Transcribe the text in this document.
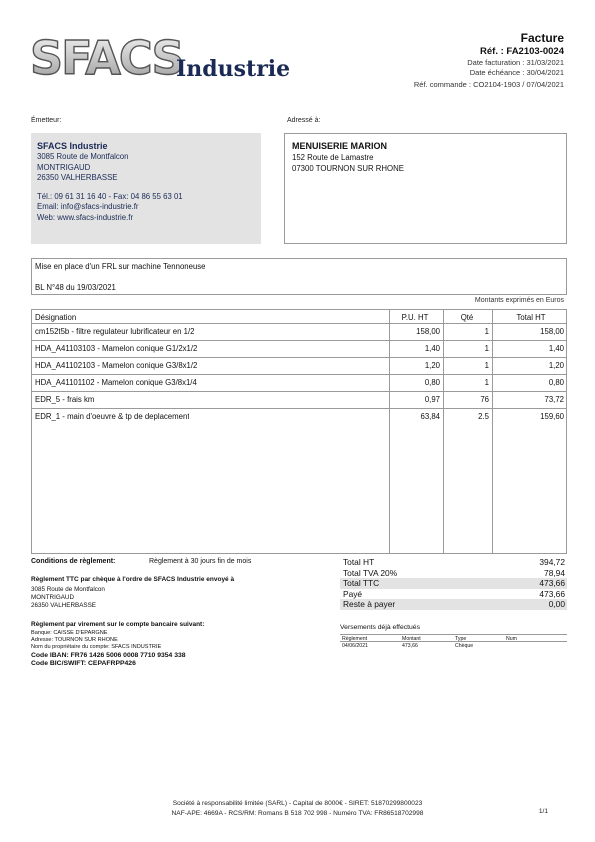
SFACS
Industrie
Facture
Réf. : FA2103-0024
Date facturation : 31/03/2021
Date échéance : 30/04/2021
Réf. commande : CO2104-1903 / 07/04/2021
Émetteur:	Adressé à:
SFACS Industrie
3085 Route de Montfalcon
MONTRIGAUD
26350 VALHERBASSE
Tél.: 09 61 31 16 40 - Fax: 04 86 55 63 01
Email: info@sfacs-industrie.fr
Web: www.sfacs-industrie.fr
MENUISERIE MARION
152 Route de Lamastre
07300 TOURNON SUR RHONE
Mise en place d'un FRL sur machine Tennoneuse
BL N°48 du 19/03/2021
Montants exprimés en Euros
Désignation	P.U. HT	Qté	Total HT
cm152t5b - filtre regulateur lubrificateur en 1/2	158,00	1	158,00
HDA_A41103103 - Mamelon conique G1/2x1/2	1,40	1	1,40
HDA_A41102103 - Mamelon conique G3/8x1/2	1,20	1	1,20
HDA_A41101102 - Mamelon conique G3/8x1/4	0,80	1	0,80
EDR_5 - frais km	0,97	76	73,72
EDR_1 - main d'oeuvre & tp de deplacement	63,84	2.5	159,60
Conditions de règlement:	Règlement à 30 jours fin de mois
Règlement TTC par chèque à l'ordre de SFACS Industrie envoyé à
3085 Route de Montfalcon
MONTRIGAUD
26350 VALHERBASSE
Règlement par virement sur le compte bancaire suivant:
Banque: CAISSE D'EPARGNE
Adresse: TOURNON SUR RHONE
Nom du propriétaire du compte: SFACS INDUSTRIE
Code IBAN: FR76 1426 5006 0008 7710 9354 338
Code BIC/SWIFT: CEPAFRPP426
Total HT	394,72
Total TVA 20%	78,94
Total TTC	473,66
Payé	473,66
Reste à payer	0,00
Versements déjà effectués
Règlement	Montant	Type	Num
04/06/2021	473,66	Chèque
Société à responsabilité limitée (SARL) - Capital de 8000€ - SIRET: 51870299800023
NAF-APE: 4669A - RCS/RM: Romans B 518 702 998 - Numéro TVA: FR86518702998	1/1
